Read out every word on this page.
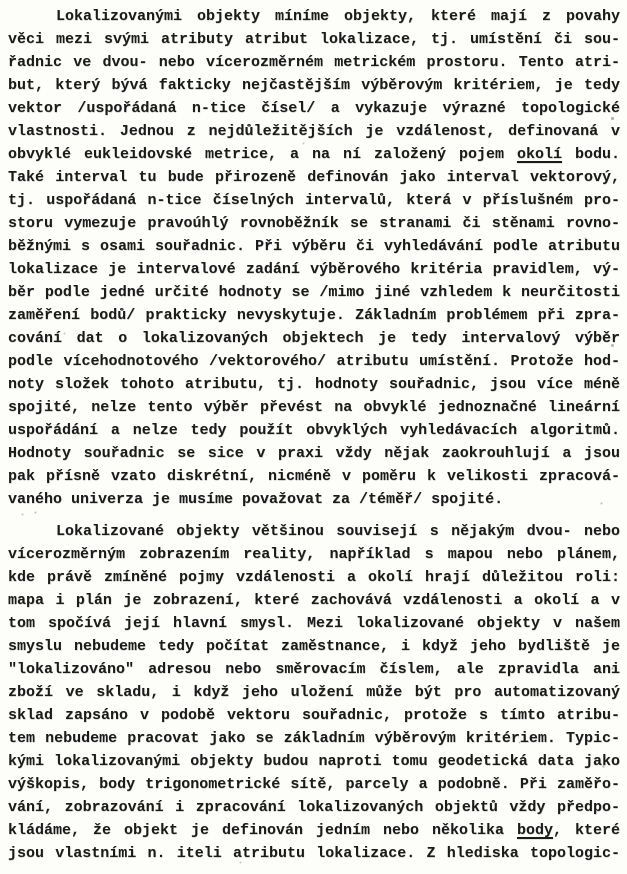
Lokalizovanými objekty míníme objekty, které mají z povahy
věci mezi svými atributy atribut lokalizace, tj. umístění či sou-
řadnic ve dvou- nebo vícerozměrném metrickém prostoru. Tento atri-
but, který bývá fakticky nejčastějším výběrovým kritériem, je tedy
vektor /uspořádaná n-tice čísel/ a vykazuje výrazné topologické
vlastnosti. Jednou z nejdůležitějších je vzdálenost, definovaná v
obvyklé eukleidovské metrice, a na ní založený pojem okolí bodu.
Také interval tu bude přirozeně definován jako interval vektorový,
tj. uspořádaná n-tice číselných intervalů, která v příslušném pro-
storu vymezuje pravoúhlý rovnoběžník se stranami či stěnami rovno-
běžnými s osami souřadnic. Při výběru či vyhledávání podle atributu
lokalizace je intervalové zadání výběrového kritéria pravidlem, vý-
běr podle jedné určité hodnoty se /mimo jiné vzhledem k neurčitosti
zaměření bodů/ prakticky nevyskytuje. Základním problémem při zpra-
cování dat o lokalizovaných objektech je tedy intervalový výběr
podle vícehodnotového /vektorového/ atributu umístění. Protože hod-
noty složek tohoto atributu, tj. hodnoty souřadnic, jsou více méně
spojité, nelze tento výběr převést na obvyklé jednoznačné lineární
uspořádání a nelze tedy použít obvyklých vyhledávacích algoritmů.
Hodnoty souřadnic se sice v praxi vždy nějak zaokrouhlují a jsou
pak přísně vzato diskrétní, nicméně v poměru k velikosti zpracová-
vaného univerza je musíme považovat za /téměř/ spojité.
Lokalizované objekty většinou souvisejí s nějakým dvou- nebo
vícerozměrným zobrazením reality, například s mapou nebo plánem,
kde právě zmíněné pojmy vzdálenosti a okolí hrají důležitou roli:
mapa i plán je zobrazení, které zachovává vzdálenosti a okolí a v
tom spočívá její hlavní smysl. Mezi lokalizované objekty v našem
smyslu nebudeme tedy počítat zaměstnance, i když jeho bydliště je
"lokalizováno" adresou nebo směrovacím číslem, ale zpravidla ani
zboží ve skladu, i když jeho uložení může být pro automatizovaný
sklad zapsáno v podobě vektoru souřadnic, protože s tímto atribu-
tem nebudeme pracovat jako se základním výběrovým kritériem. Typic-
kými lokalizovanými objekty budou naproti tomu geodetická data jako
výškopis, body trigonometrické sítě, parcely a podobně. Při zaměřo-
vání, zobrazování i zpracování lokalizovaných objektů vždy předpo-
kládáme, že objekt je definován jedním nebo několika body, které
jsou vlastními n. iteli atributu lokalizace. Z hlediska topologic-
